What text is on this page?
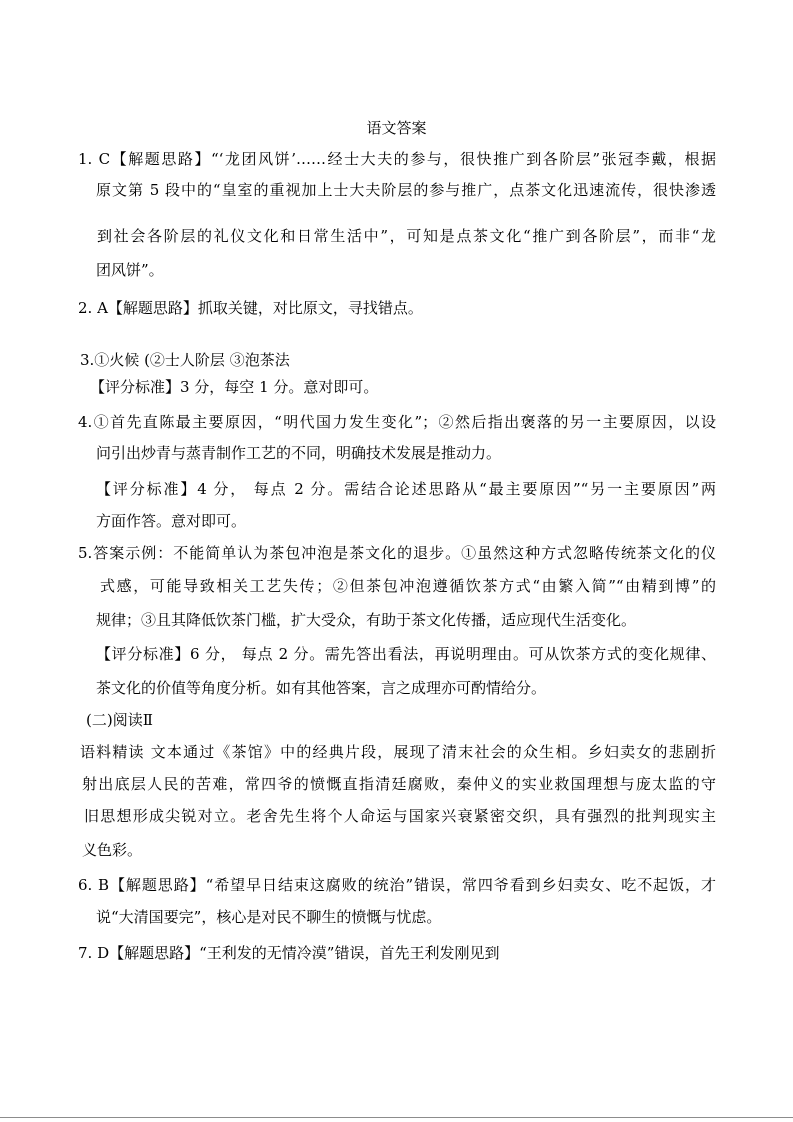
语文答案
1. C【解题思路】“‘龙团风饼’……经士大夫的参与，很快推广到各阶层”张冠李戴，根据
原文第 5 段中的“皇室的重视加上士大夫阶层的参与推广，点茶文化迅速流传，很快渗透
到社会各阶层的礼仪文化和日常生活中”，可知是点茶文化“推广到各阶层”，而非“龙
团风饼”。
2. A【解题思路】抓取关键，对比原文，寻找错点。
3.①火候 (②士人阶层 ③泡茶法
【评分标准】3 分，每空 1 分。意对即可。
4.①首先直陈最主要原因，“明代国力发生变化”；②然后指出褒落的另一主要原因，以设
问引出炒青与蒸青制作工艺的不同，明确技术发展是推动力。
【评分标准】4 分， 每点 2 分。需结合论述思路从“最主要原因”“另一主要原因”两
方面作答。意对即可。
5.答案示例：不能简单认为茶包冲泡是茶文化的退步。①虽然这种方式忽略传统茶文化的仪
式感，可能导致相关工艺失传；②但茶包冲泡遵循饮茶方式“由繁入简”“由精到博”的
规律；③且其降低饮茶门槛，扩大受众，有助于茶文化传播，适应现代生活变化。
【评分标准】6 分， 每点 2 分。需先答出看法，再说明理由。可从饮茶方式的变化规律、
茶文化的价值等角度分析。如有其他答案，言之成理亦可酌情给分。
(二)阅读Ⅱ
语料精读 文本通过《茶馆》中的经典片段，展现了清末社会的众生相。乡妇卖女的悲剧折
射出底层人民的苦难，常四爷的愤慨直指清廷腐败，秦仲义的实业救国理想与庞太监的守
旧思想形成尖锐对立。老舍先生将个人命运与国家兴衰紧密交织，具有强烈的批判现实主
义色彩。
6. B【解题思路】“希望早日结束这腐败的统治”错误，常四爷看到乡妇卖女、吃不起饭，才
说“大清国要完”，核心是对民不聊生的愤慨与忧虑。
7. D【解题思路】“王利发的无情冷漠”错误，首先王利发刚见到
